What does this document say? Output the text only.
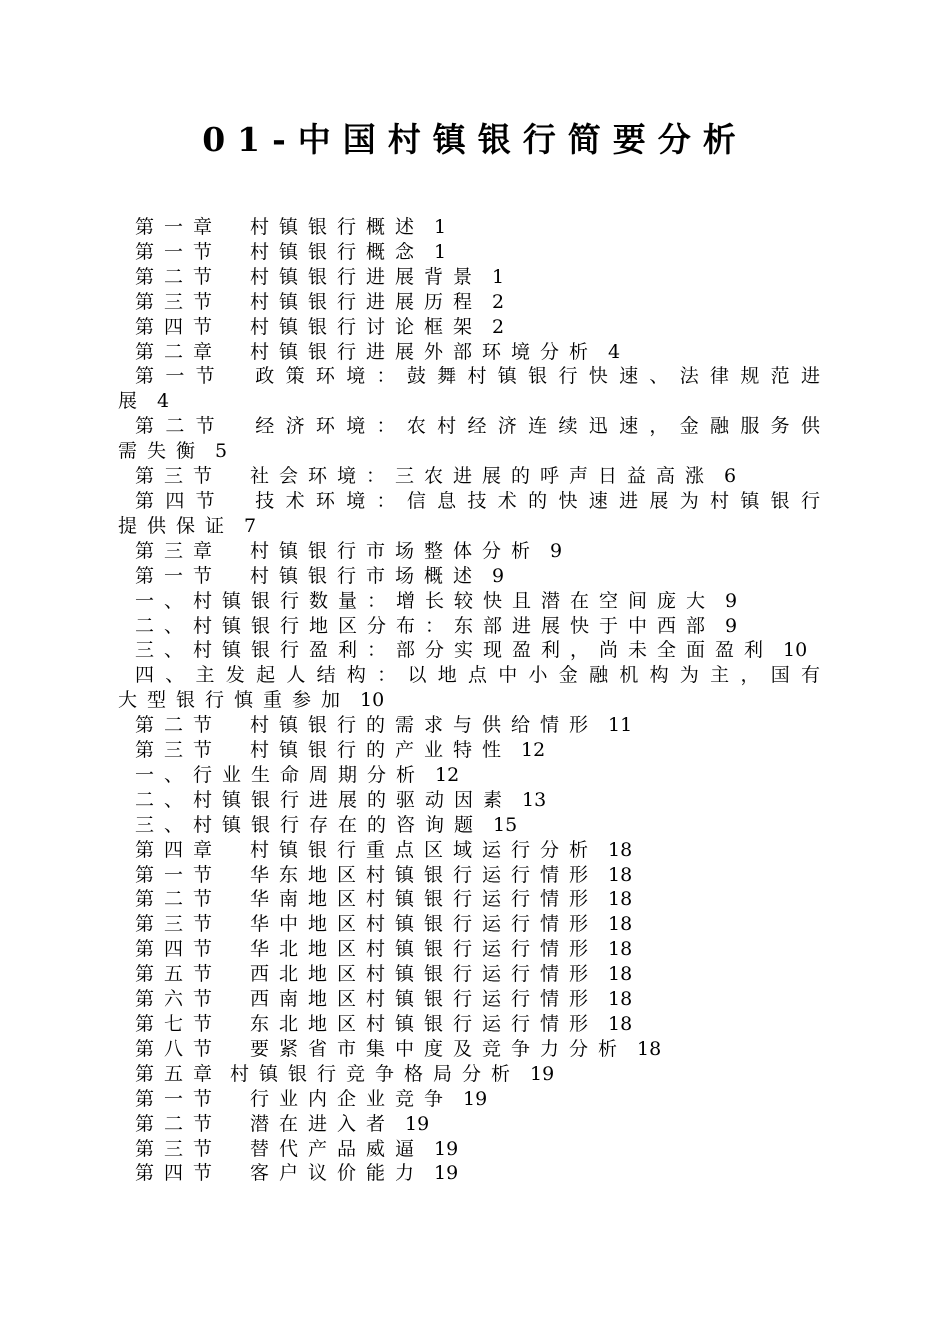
01-中国村镇银行简要分析

第一章 村镇银行概述 1

第一节 村镇银行概念 1

第二节 村镇银行进展背景 1

第三节 村镇银行进展历程 2

第四节 村镇银行讨论框架 2

第二章 村镇银行进展外部环境分析 4

第一节 政策环境：鼓舞村镇银行快速、法律规范进展 4

第二节 经济环境：农村经济连续迅速，金融服务供需失衡 5

第三节 社会环境：三农进展的呼声日益高涨 6

第四节 技术环境：信息技术的快速进展为村镇银行提供保证 7

第三章 村镇银行市场整体分析 9

第一节 村镇银行市场概述 9

一、村镇银行数量：增长较快且潜在空间庞大 9

二、村镇银行地区分布：东部进展快于中西部 9

三、村镇银行盈利：部分实现盈利，尚未全面盈利 10

四、主发起人结构：以地点中小金融机构为主，国有大型银行慎重参加 10

第二节 村镇银行的需求与供给情形 11

第三节 村镇银行的产业特性 12

一、行业生命周期分析 12

二、村镇银行进展的驱动因素 13

三、村镇银行存在的咨询题 15

第四章 村镇银行重点区域运行分析 18

第一节 华东地区村镇银行运行情形 18

第二节 华南地区村镇银行运行情形 18

第三节 华中地区村镇银行运行情形 18

第四节 华北地区村镇银行运行情形 18

第五节 西北地区村镇银行运行情形 18

第六节 西南地区村镇银行运行情形 18

第七节 东北地区村镇银行运行情形 18

第八节 要紧省市集中度及竞争力分析 18

第五章 村镇银行竞争格局分析 19

第一节 行业内企业竞争 19

第二节 潜在进入者 19

第三节 替代产品威逼 19

第四节 客户议价能力 19
